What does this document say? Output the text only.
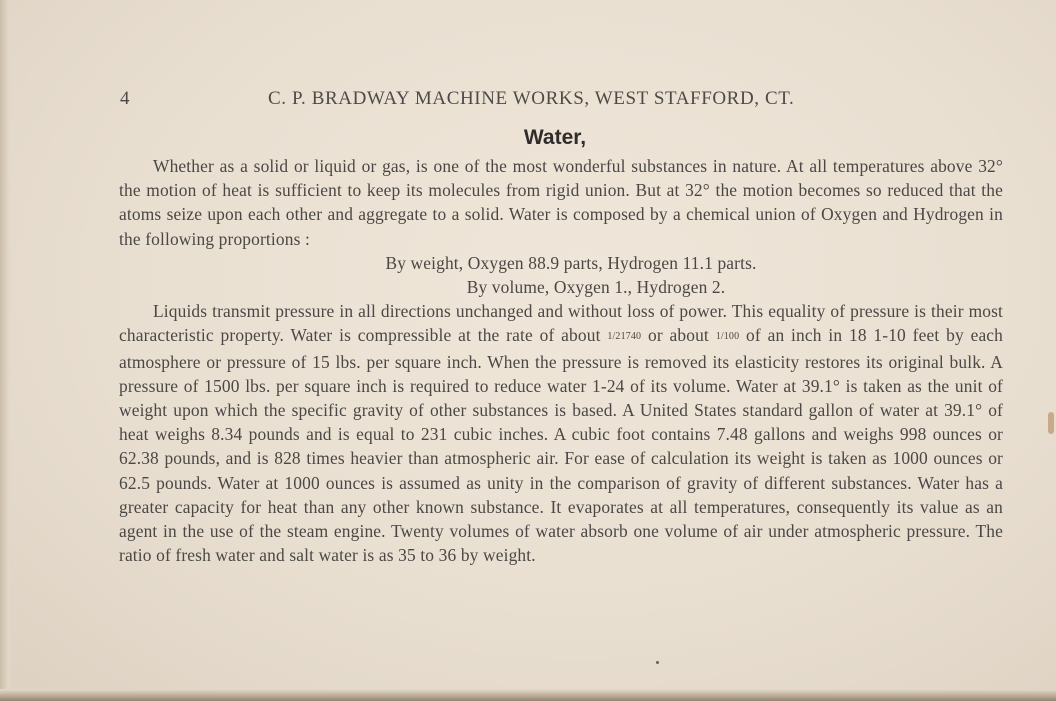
4	C. P. BRADWAY MACHINE WORKS, WEST STAFFORD, CT.
Water,

Whether as a solid or liquid or gas, is one of the most wonderful substances in nature. At all temperatures above 32° the motion of heat is sufficient to keep its molecules from rigid union. But at 32° the motion becomes so reduced that the atoms seize upon each other and aggregate to a solid. Water is composed by a chemical union of Oxygen and Hydrogen in the following proportions :

By weight, Oxygen 88.9 parts, Hydrogen 11.1 parts.
By volume, Oxygen 1., Hydrogen 2.

Liquids transmit pressure in all directions unchanged and without loss of power. This equality of pressure is their most characteristic property. Water is compressible at the rate of about 1/21740 or about 1/100 of an inch in 18 1-10 feet by each atmosphere or pressure of 15 lbs. per square inch. When the pressure is removed its elasticity restores its original bulk. A pressure of 1500 lbs. per square inch is required to reduce water 1-24 of its volume. Water at 39.1° is taken as the unit of weight upon which the specific gravity of other substances is based. A United States standard gallon of water at 39.1° of heat weighs 8.34 pounds and is equal to 231 cubic inches. A cubic foot contains 7.48 gallons and weighs 998 ounces or 62.38 pounds, and is 828 times heavier than atmospheric air. For ease of calculation its weight is taken as 1000 ounces or 62.5 pounds. Water at 1000 ounces is assumed as unity in the comparison of gravity of different substances. Water has a greater capacity for heat than any other known substance. It evaporates at all temperatures, consequently its value as an agent in the use of the steam engine. Twenty volumes of water absorb one volume of air under atmospheric pressure. The ratio of fresh water and salt water is as 35 to 36 by weight.
